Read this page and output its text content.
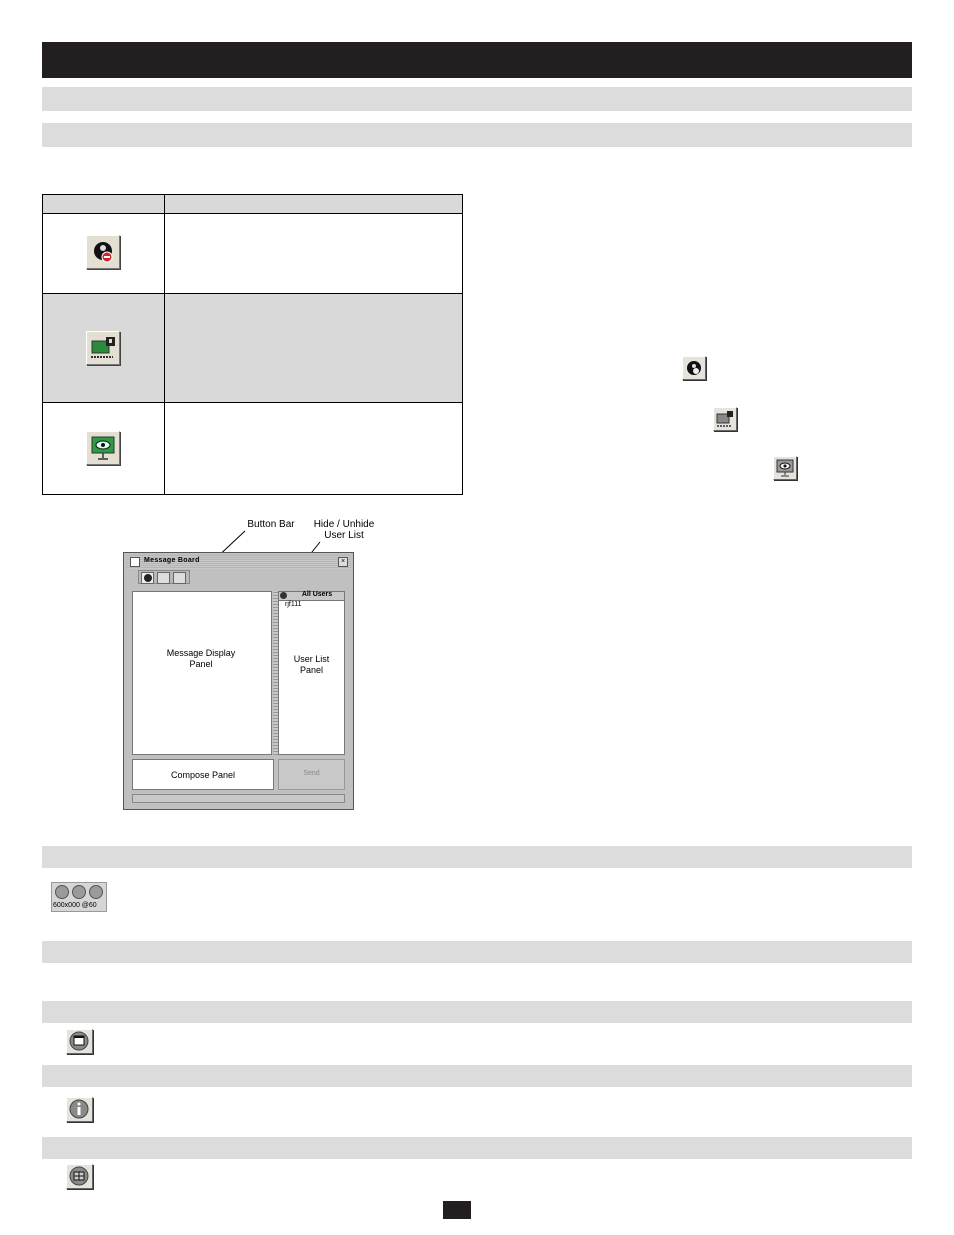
Button Bar	Hide / Unhide
User List
Message Board	×
Message Display
Panel
All Users
rjf111
User List
Panel
Compose Panel	Send
600x000 @60
